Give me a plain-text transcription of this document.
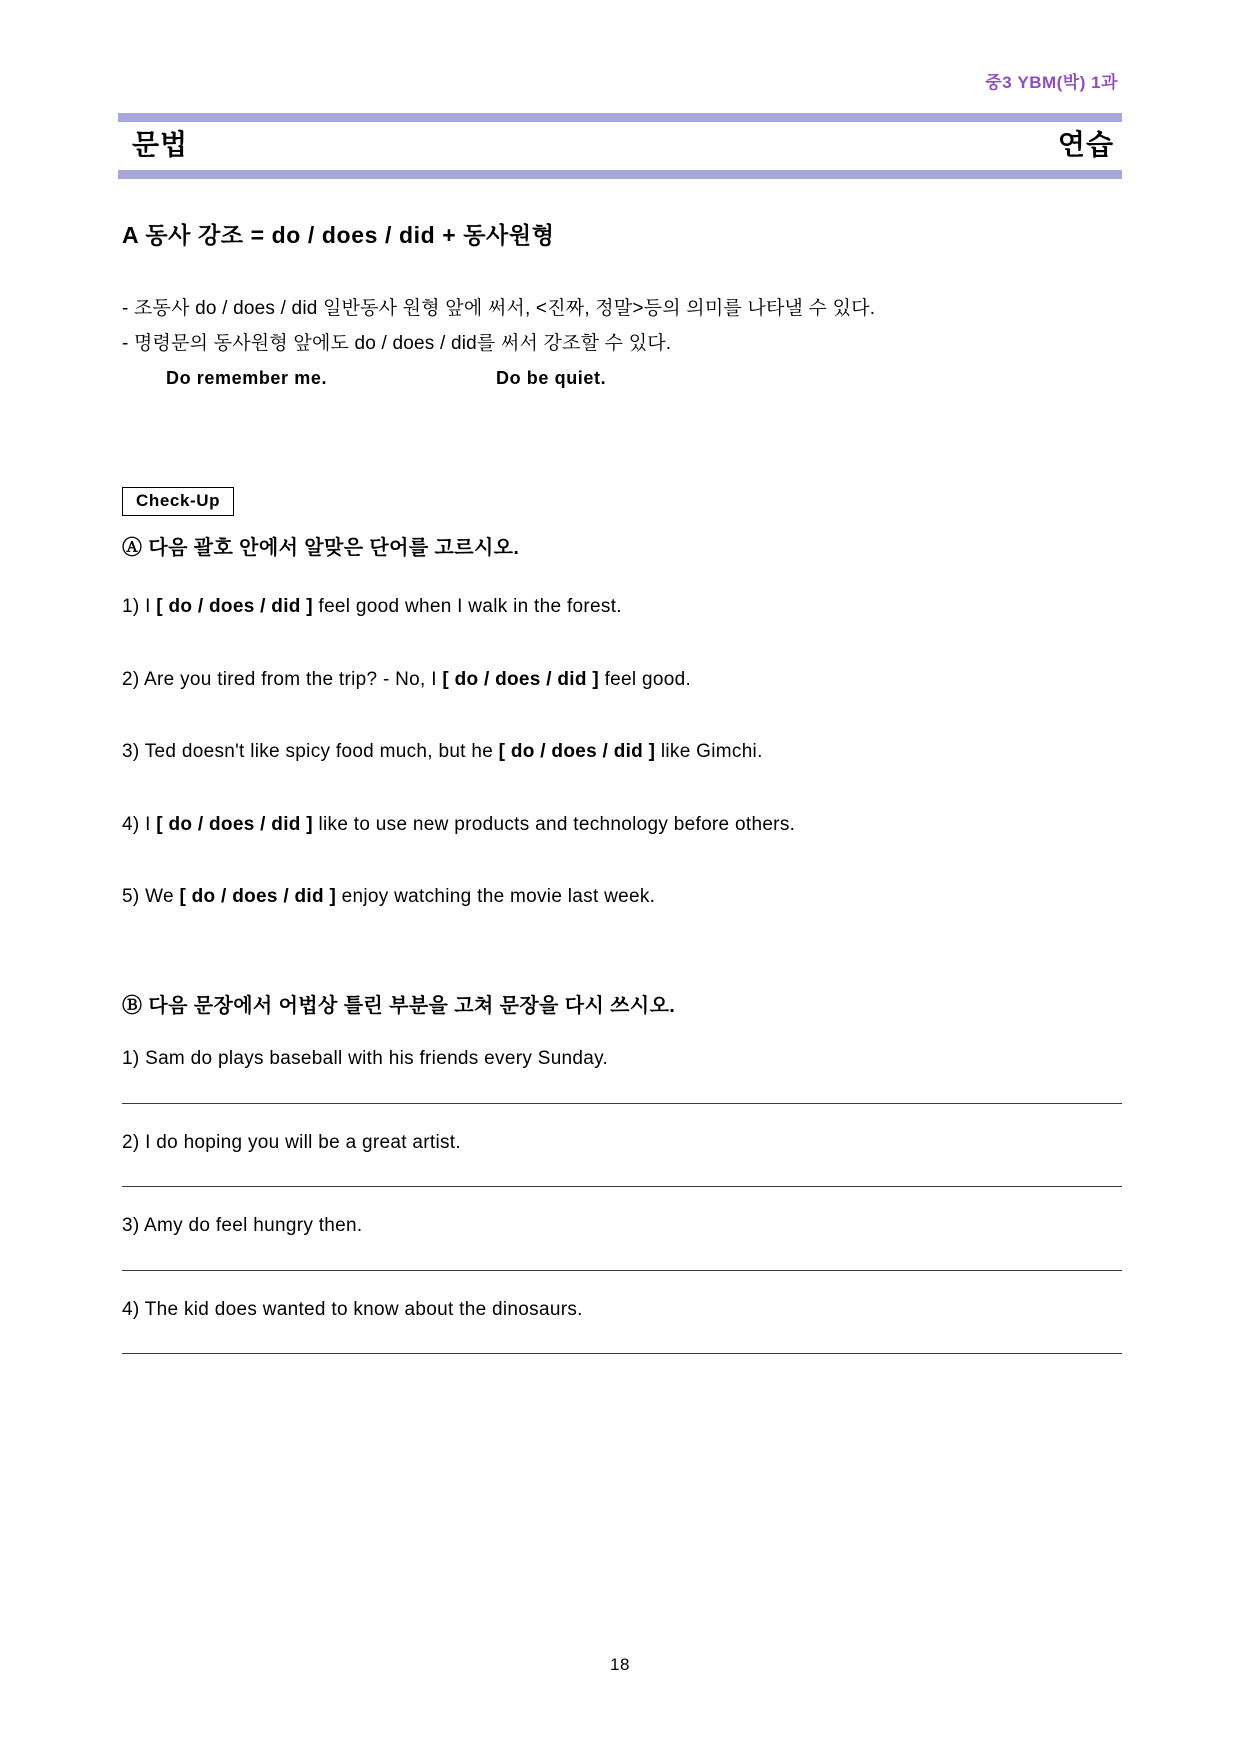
중3 YBM(박) 1과
문법	연습
A 동사 강조 = do / does / did + 동사원형
- 조동사 do / does / did 일반동사 원형 앞에 써서, <진짜, 정말>등의 의미를 나타낼 수 있다.
- 명령문의 동사원형 앞에도 do / does / did를 써서 강조할 수 있다.
Do remember me.	Do be quiet.
Check-Up
Ⓐ 다음 괄호 안에서 알맞은 단어를 고르시오.
1) I [ do / does / did ] feel good when I walk in the forest.
2) Are you tired from the trip? - No, I [ do / does / did ] feel good.
3) Ted doesn't like spicy food much, but he [ do / does / did ] like Gimchi.
4) I [ do / does / did ] like to use new products and technology before others.
5) We [ do / does / did ] enjoy watching the movie last week.
Ⓑ 다음 문장에서 어법상 틀린 부분을 고쳐 문장을 다시 쓰시오.
1) Sam do plays baseball with his friends every Sunday.
2) I do hoping you will be a great artist.
3) Amy do feel hungry then.
4) The kid does wanted to know about the dinosaurs.
18
